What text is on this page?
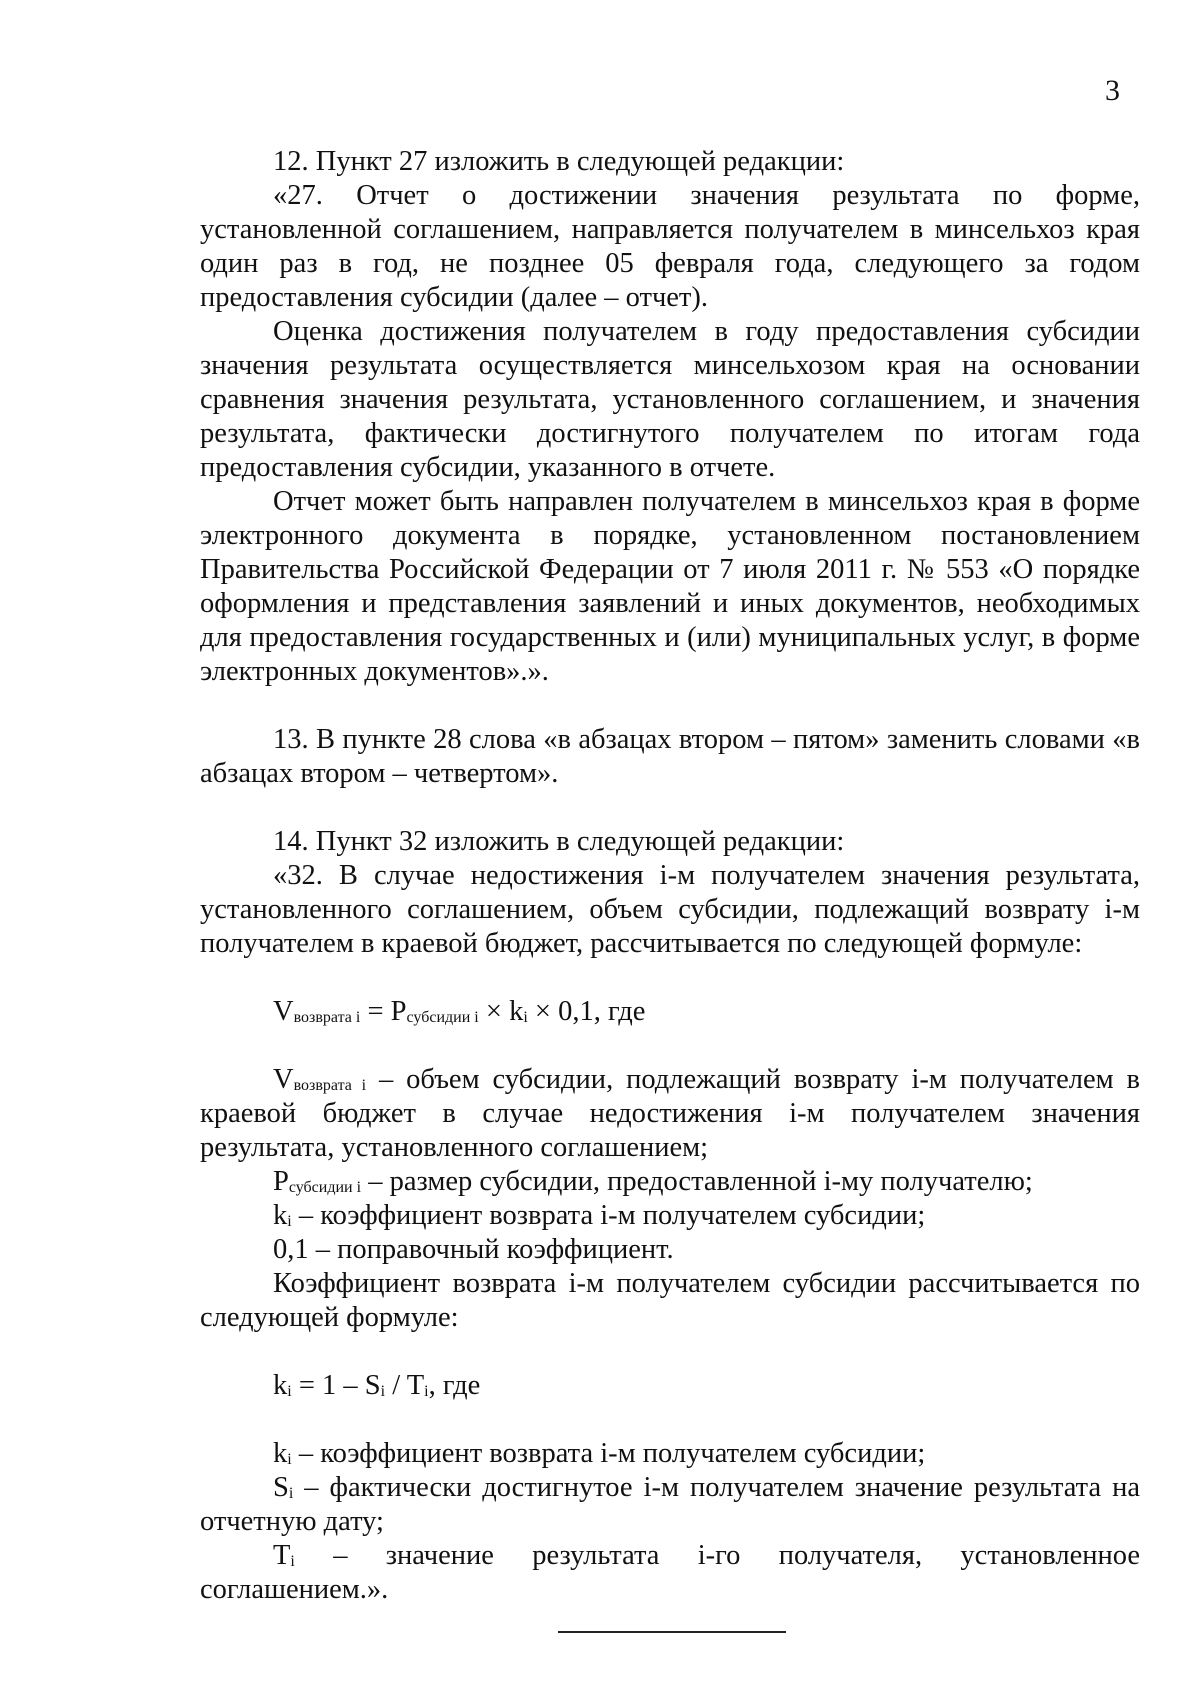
3

12. Пункт 27 изложить в следующей редакции:

«27. Отчет о достижении значения результата по форме, установленной соглашением, направляется получателем в минсельхоз края один раз в год, не позднее 05 февраля года, следующего за годом предоставления субсидии (далее – отчет).

Оценка достижения получателем в году предоставления субсидии значения результата осуществляется минсельхозом края на основании сравнения значения результата, установленного соглашением, и значения результата, фактически достигнутого получателем по итогам года предоставления субсидии, указанного в отчете.

Отчет может быть направлен получателем в минсельхоз края в форме электронного документа в порядке, установленном постановлением Правительства Российской Федерации от 7 июля 2011 г. № 553 «О порядке оформления и представления заявлений и иных документов, необходимых для предоставления государственных и (или) муниципальных услуг, в форме электронных документов».».

13. В пункте 28 слова «в абзацах втором – пятом» заменить словами «в абзацах втором – четвертом».

14. Пункт 32 изложить в следующей редакции:

«32. В случае недостижения i-м получателем значения результата, установленного соглашением, объем субсидии, подлежащий возврату i-м получателем в краевой бюджет, рассчитывается по следующей формуле:

Vвозврата i = Pсубсидии i × ki × 0,1, где

Vвозврата i – объем субсидии, подлежащий возврату i-м получателем в краевой бюджет в случае недостижения i-м получателем значения результата, установленного соглашением;

Pсубсидии i – размер субсидии, предоставленной i-му получателю;

ki – коэффициент возврата i-м получателем субсидии;

0,1 – поправочный коэффициент.

Коэффициент возврата i-м получателем субсидии рассчитывается по следующей формуле:

ki = 1 – Si / Ti, где

ki – коэффициент возврата i-м получателем субсидии;

Si – фактически достигнутое i-м получателем значение результата на отчетную дату;

Ti – значение результата i-го получателя, установленное соглашением.».
